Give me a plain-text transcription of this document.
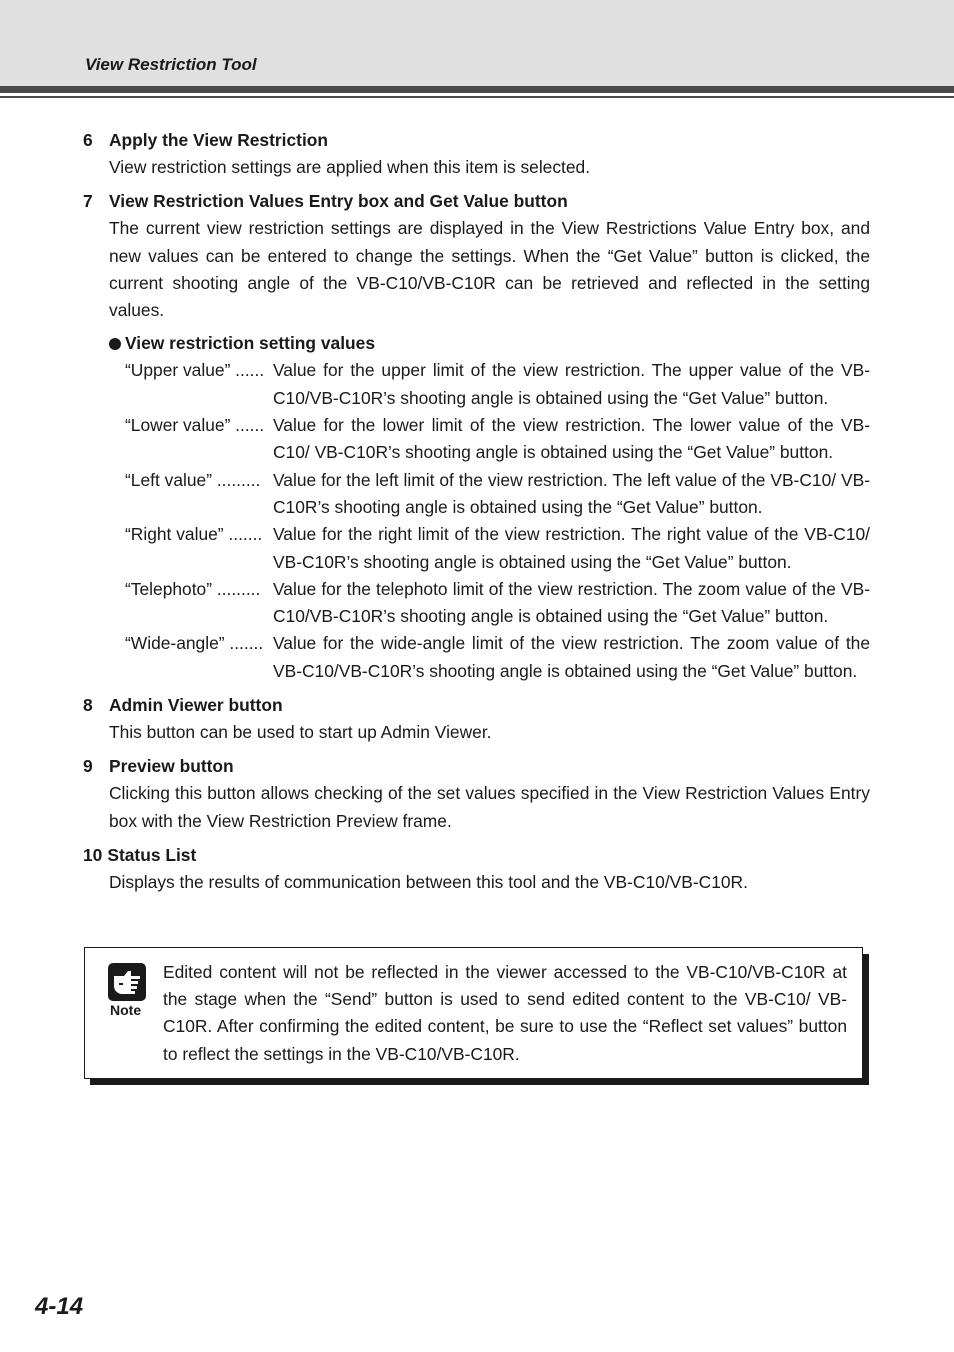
View Restriction Tool
6 Apply the View Restriction
View restriction settings are applied when this item is selected.
7 View Restriction Values Entry box and Get Value button
The current view restriction settings are displayed in the View Restrictions Value Entry box, and new values can be entered to change the settings. When the “Get Value” button is clicked, the current shooting angle of the VB-C10/VB-C10R can be retrieved and reflected in the setting values.
View restriction setting values
“Upper value” ...... Value for the upper limit of the view restriction. The upper value of the VB-C10/VB-C10R’s shooting angle is obtained using the “Get Value” button.
“Lower value” ...... Value for the lower limit of the view restriction. The lower value of the VB-C10/ VB-C10R’s shooting angle is obtained using the “Get Value” button.
“Left value” ......... Value for the left limit of the view restriction. The left value of the VB-C10/ VB-C10R’s shooting angle is obtained using the “Get Value” button.
“Right value” ....... Value for the right limit of the view restriction. The right value of the VB-C10/ VB-C10R’s shooting angle is obtained using the “Get Value” button.
“Telephoto” ......... Value for the telephoto limit of the view restriction. The zoom value of the VB-C10/VB-C10R’s shooting angle is obtained using the “Get Value” button.
“Wide-angle” ....... Value for the wide-angle limit of the view restriction. The zoom value of the VB-C10/VB-C10R’s shooting angle is obtained using the “Get Value” button.
8 Admin Viewer button
This button can be used to start up Admin Viewer.
9 Preview button
Clicking this button allows checking of the set values specified in the View Restriction Values Entry box with the View Restriction Preview frame.
10 Status List
Displays the results of communication between this tool and the VB-C10/VB-C10R.
Note
Edited content will not be reflected in the viewer accessed to the VB-C10/VB-C10R at the stage when the “Send” button is used to send edited content to the VB-C10/ VB-C10R. After confirming the edited content, be sure to use the “Reflect set values” button to reflect the settings in the VB-C10/VB-C10R.
4-14
